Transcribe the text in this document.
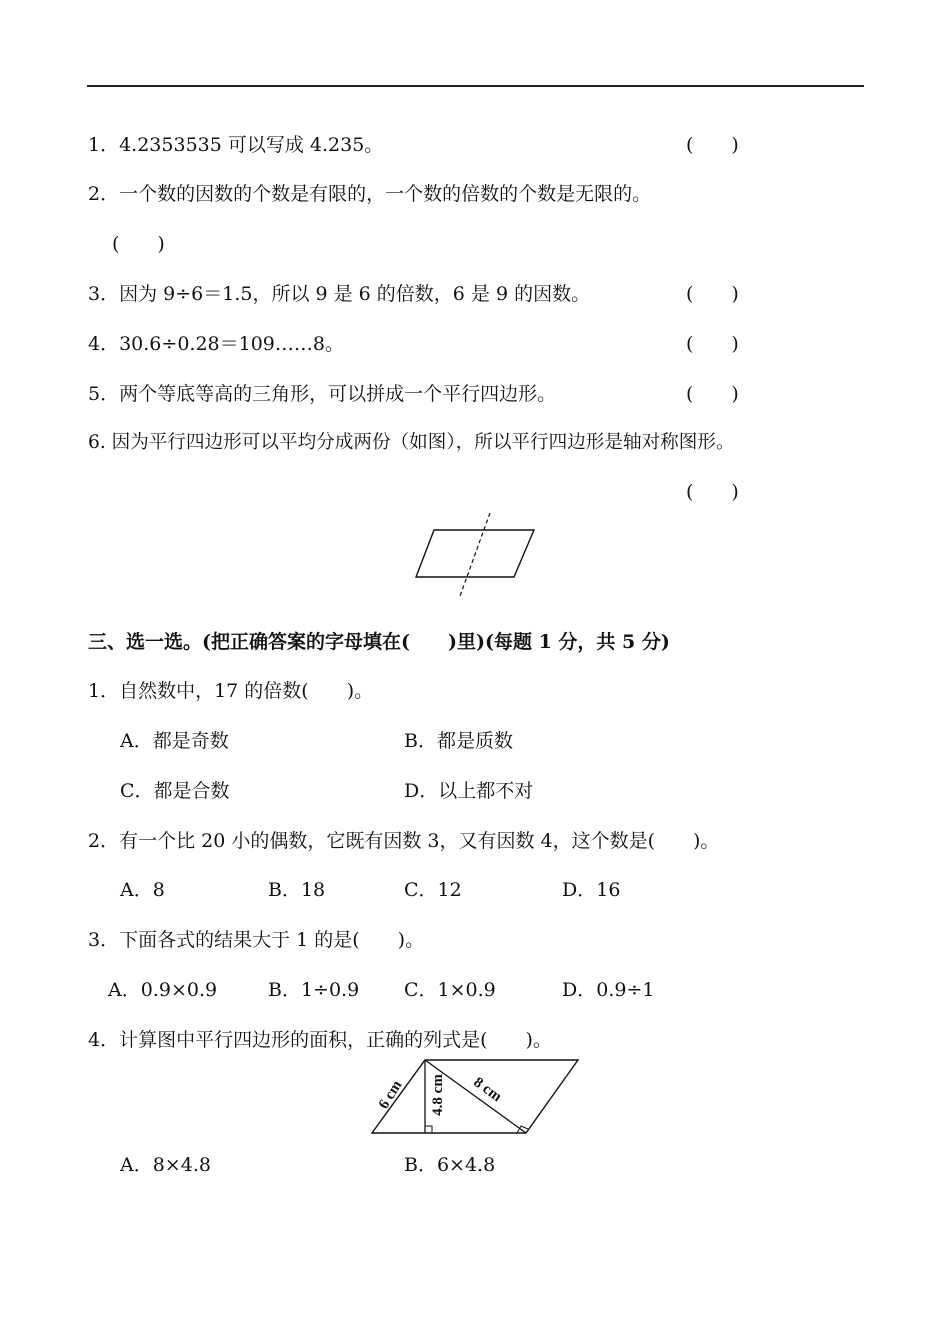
1．4.2353535 可以写成 4.235。	(　　)
2．一个数的因数的个数是有限的，一个数的倍数的个数是无限的。
(　　)
3．因为 9÷6＝1.5，所以 9 是 6 的倍数，6 是 9 的因数。	(　　)
4．30.6÷0.28＝109……8。	(　　)
5．两个等底等高的三角形，可以拼成一个平行四边形。	(　　)
6. 因为平行四边形可以平均分成两份（如图），所以平行四边形是轴对称图形。
(　　)
三、选一选。(把正确答案的字母填在(　　)里)(每题 1 分，共 5 分)
1．自然数中，17 的倍数(　　)。
A．都是奇数	B．都是质数
C．都是合数	D．以上都不对
2．有一个比 20 小的偶数，它既有因数 3，又有因数 4，这个数是(　　)。
A．8	B．18	C．12	D．16
3．下面各式的结果大于 1 的是(　　)。
A．0.9×0.9	B．1÷0.9 C．1×0.9	D．0.9÷1
4．计算图中平行四边形的面积，正确的列式是(　　)。
6 cm 4.8 cm 8 cm
A．8×4.8	B．6×4.8
